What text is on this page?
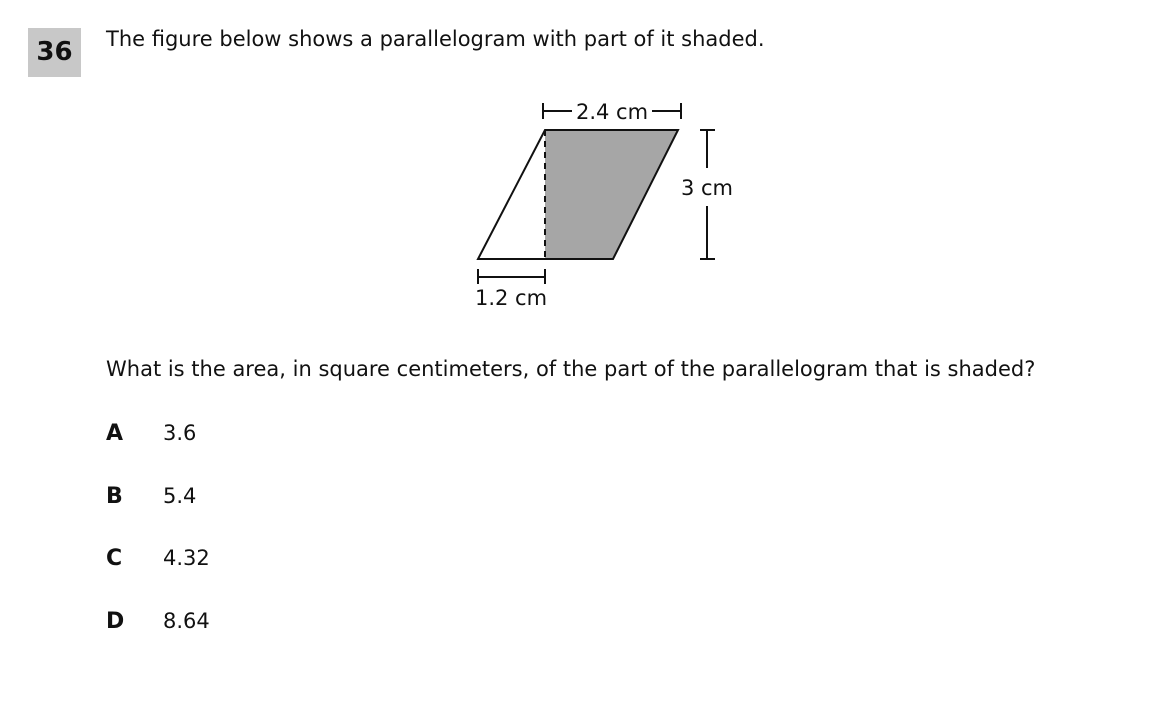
36	The figure below shows a parallelogram with part of it shaded.
2.4 cm
3 cm
1.2 cm
What is the area, in square centimeters, of the part of the parallelogram that is shaded?
A	3.6
B	5.4
C	4.32
D	8.64
